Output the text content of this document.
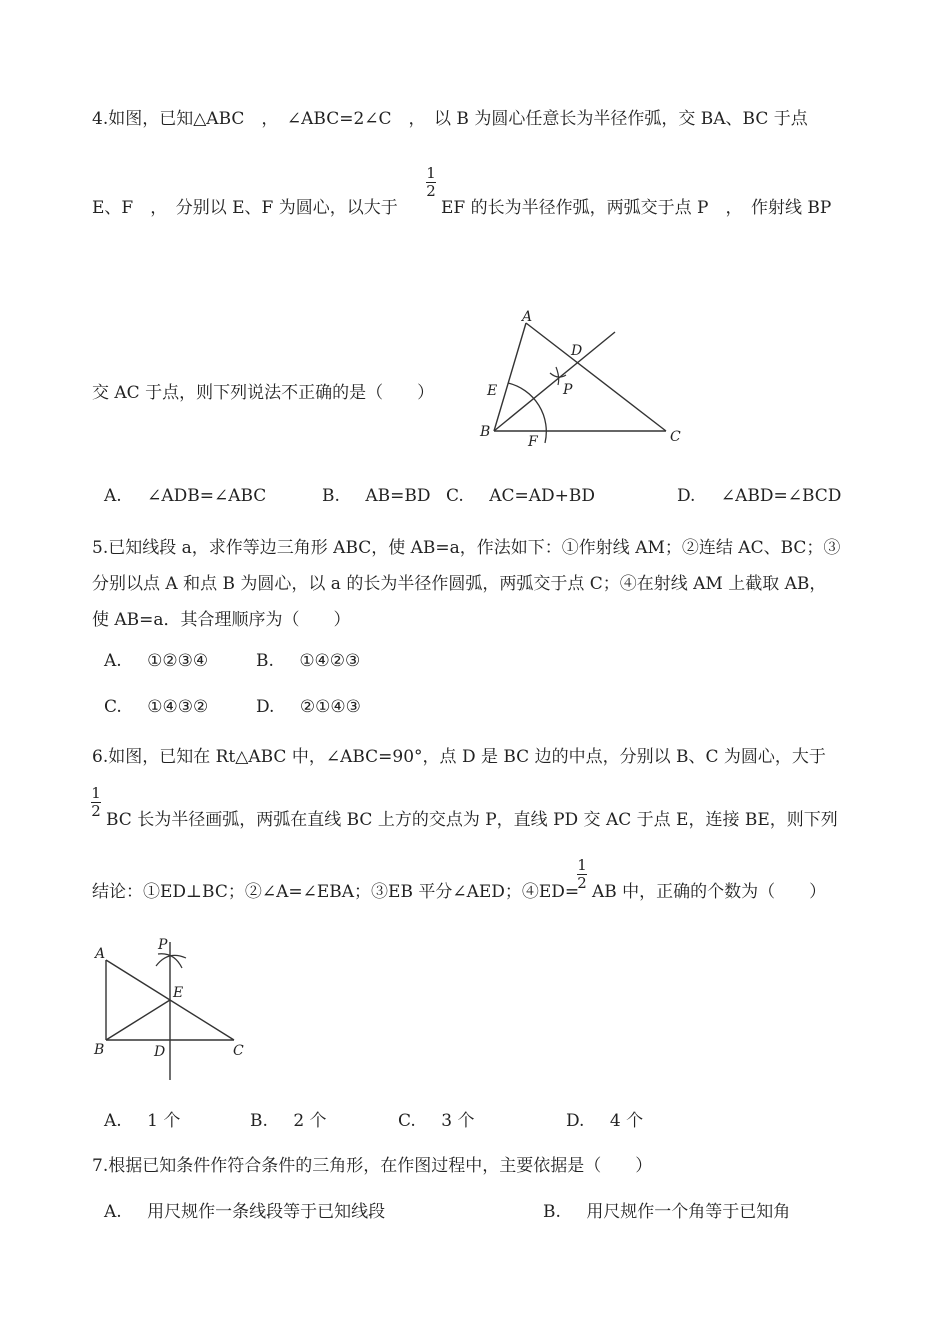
4.如图，已知△ABC　，　∠ABC=2∠C　，　以 B 为圆心任意长为半径作弧，交 BA、BC 于点
E、F　，　分别以 E、F 为圆心，以大于
1
2
EF 的长为半径作弧，两弧交于点 P　，　作射线 BP
交 AC 于点，则下列说法不正确的是（　　）
A
B	C
D
E
F
P
A. ∠ADB=∠ABC	B. AB=BD C. AC=AD+BD	D. ∠ABD=∠BCD
5.已知线段 a，求作等边三角形 ABC，使 AB=a，作法如下：①作射线 AM；②连结 AC、BC；③
分别以点 A 和点 B 为圆心，以 a 的长为半径作圆弧，两弧交于点 C；④在射线 AM 上截取 AB，
使 AB=a．其合理顺序为（　　）
A. ①②③④	B. ①④②③
C. ①④③②	D. ②①④③
6.如图，已知在 Rt△ABC 中，∠ABC=90°，点 D 是 BC 边的中点，分别以 B、C 为圆心，大于
1
2 BC 长为半径画弧，两弧在直线 BC 上方的交点为 P，直线 PD 交 AC 于点 E，连接 BE，则下列
结论：①ED⊥BC；②∠A=∠EBA；③EB 平分∠AED；④ED=
1
2 AB 中，正确的个数为（　　）
A
B	C
D
E
P
A. 1 个	B. 2 个	C. 3 个	D. 4 个
7.根据已知条件作符合条件的三角形，在作图过程中，主要依据是（　　）
A. 用尺规作一条线段等于已知线段	B. 用尺规作一个角等于已知角
